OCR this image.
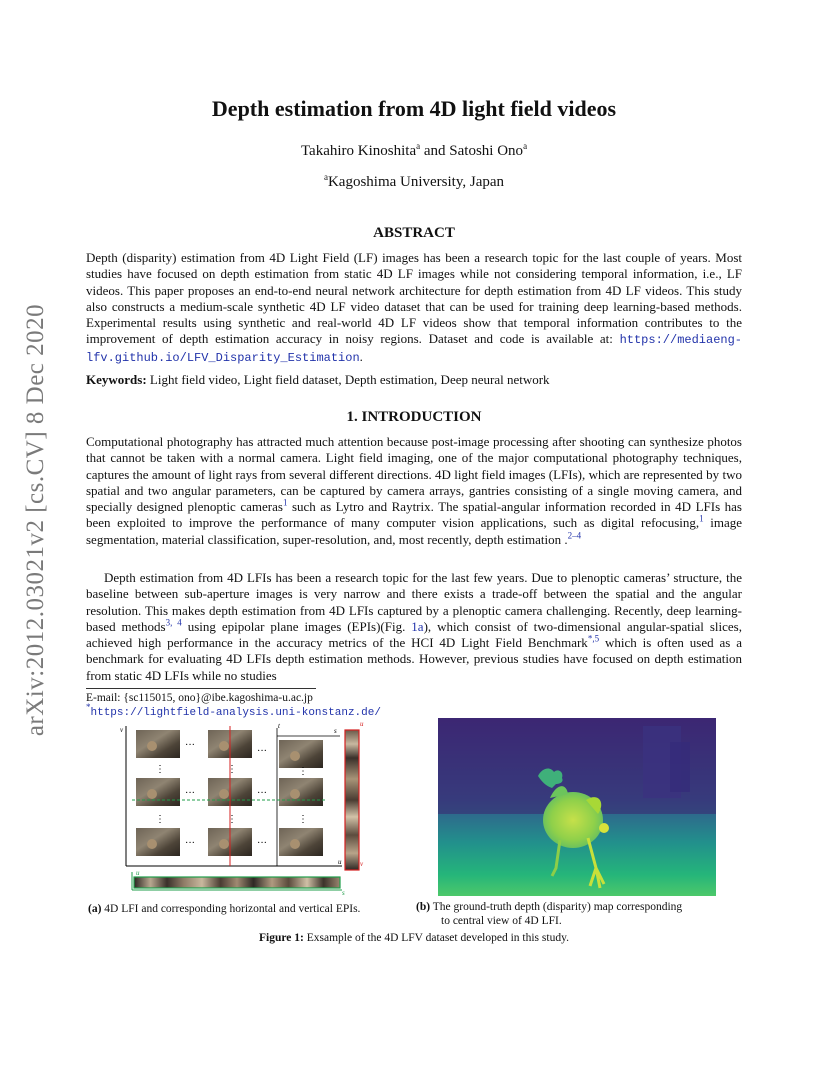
arXiv:2012.03021v2 [cs.CV] 8 Dec 2020
Depth estimation from 4D light field videos
Takahiro Kinoshita$^a$ and Satoshi Ono$^a$
$^a$Kagoshima University, Japan
ABSTRACT

Depth (disparity) estimation from 4D Light Field (LF) images has been a research topic for the last couple of years. Most studies have focused on depth estimation from static 4D LF images while not considering temporal information, i.e., LF videos. This paper proposes an end-to-end neural network architecture for depth estimation from 4D LF videos. This study also constructs a medium-scale synthetic 4D LF video dataset that can be used for training deep learning-based methods. Experimental results using synthetic and real-world 4D LF videos show that temporal information contributes to the improvement of depth estimation accuracy in noisy regions. Dataset and code is available at: https://mediaeng-lfv.github.io/LFV_Disparity_Estimation.

Keywords: Light field video, Light field dataset, Depth estimation, Deep neural network

1. INTRODUCTION

Computational photography has attracted much attention because post-image processing after shooting can synthesize photos that cannot be taken with a normal camera. Light field imaging, one of the major computational photography techniques, captures the amount of light rays from several different directions. 4D light field images (LFIs), which are represented by two spatial and two angular parameters, can be captured by camera arrays, gantries consisting of a single moving camera, and specially designed plenoptic cameras$^1$ such as Lytro and Raytrix. The spatial-angular information recorded in 4D LFIs has been exploited to improve the performance of many computer vision applications, such as digital refocusing,$^1$ image segmentation, material classification, super-resolution, and, most recently, depth estimation .$^{2-4}$

Depth estimation from 4D LFIs has been a research topic for the last few years. Due to plenoptic cameras’ structure, the baseline between sub-aperture images is very narrow and there exists a trade-off between the spatial and the angular resolution. This makes depth estimation from 4D LFIs captured by a plenoptic camera challenging. Recently, deep learning-based methods$^{3, 4}$ using epipolar plane images (EPIs)(Fig. 1a), which consist of two-dimensional angular-spatial slices, achieved high performance in the accuracy metrics of the HCI 4D Light Field Benchmark$^{*,5}$ which is often used as a benchmark for evaluating 4D LFIs depth estimation methods. However, previous studies have focused on depth estimation from static 4D LFIs while no studies

E-mail: {sc115015, ono}@ibe.kagoshima-u.ac.jp

*https://lightfield-analysis.uni-konstanz.de/

v	t
s
u
···
···
···	···
···	···
⋮	⋮	⋮
⋮	⋮	⋮
u
v
u
s

(a) 4D LFI and corresponding horizontal and vertical EPIs.	(b) The ground-truth depth (disparity) map corresponding

to central view of 4D LFI.

Figure 1: Exsample of the 4D LFV dataset developed in this study.
